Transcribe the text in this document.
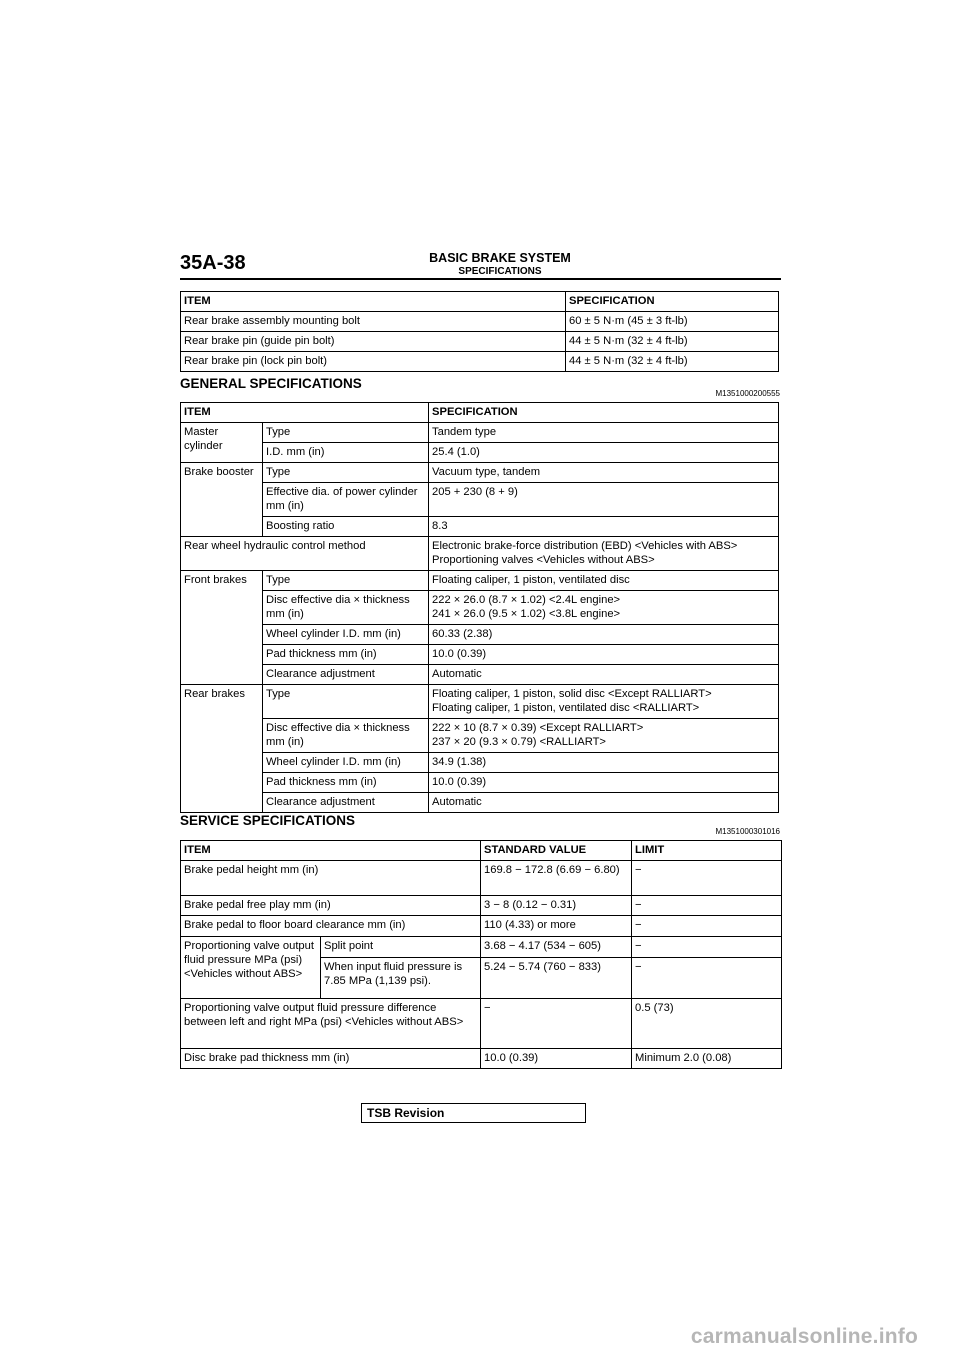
35A-38	BASIC BRAKE SYSTEM
SPECIFICATIONS
ITEM	SPECIFICATION
Rear brake assembly mounting bolt	60 ± 5 N·m (45 ± 3 ft-lb)
Rear brake pin (guide pin bolt)	44 ± 5 N·m (32 ± 4 ft-lb)
Rear brake pin (lock pin bolt)	44 ± 5 N·m (32 ± 4 ft-lb)
GENERAL SPECIFICATIONS
M1351000200555
ITEM		SPECIFICATION
Master cylinder	Type	Tandem type
	I.D. mm (in)	25.4 (1.0)
Brake booster	Type	Vacuum type, tandem
	Effective dia. of power cylinder mm (in)	205 + 230 (8 + 9)
	Boosting ratio	8.3
Rear wheel hydraulic control method		Electronic brake-force distribution (EBD) <Vehicles with ABS>
Proportioning valves <Vehicles without ABS>

Front brakes	Type	Floating caliper, 1 piston, ventilated disc
	Disc effective dia × thickness mm (in)	222 × 26.0 (8.7 × 1.02) <2.4L engine>
241 × 26.0 (9.5 × 1.02) <3.8L engine>

	Wheel cylinder I.D. mm (in)	60.33 (2.38)
	Pad thickness mm (in)	10.0 (0.39)
	Clearance adjustment	Automatic
Rear brakes	Type	Floating caliper, 1 piston, solid disc <Except RALLIART>
Floating caliper, 1 piston, ventilated disc <RALLIART>

	Disc effective dia × thickness mm (in)	222 × 10 (8.7 × 0.39) <Except RALLIART>
237 × 20 (9.3 × 0.79) <RALLIART>

	Wheel cylinder I.D. mm (in)	34.9 (1.38)
	Pad thickness mm (in)	10.0 (0.39)
	Clearance adjustment	Automatic
SERVICE SPECIFICATIONS
M1351000301016
ITEM		STANDARD VALUE	LIMIT
Brake pedal height mm (in)		169.8 − 172.8 (6.69 − 6.80)	−
Brake pedal free play mm (in)		3 − 8 (0.12 − 0.31)	−
Brake pedal to floor board clearance mm (in)		110 (4.33) or more	−
Proportioning valve output fluid pressure MPa (psi) <Vehicles without ABS>	Split point	3.68 − 4.17 (534 − 605)	−
	When input fluid pressure is 7.85 MPa (1,139 psi).	5.24 − 5.74 (760 − 833)	−
Proportioning valve output fluid pressure difference between left and right MPa (psi) <Vehicles without ABS>		−	0.5 (73)
Disc brake pad thickness mm (in)		10.0 (0.39)	Minimum 2.0 (0.08)
TSB Revision
carmanualsonline.info
